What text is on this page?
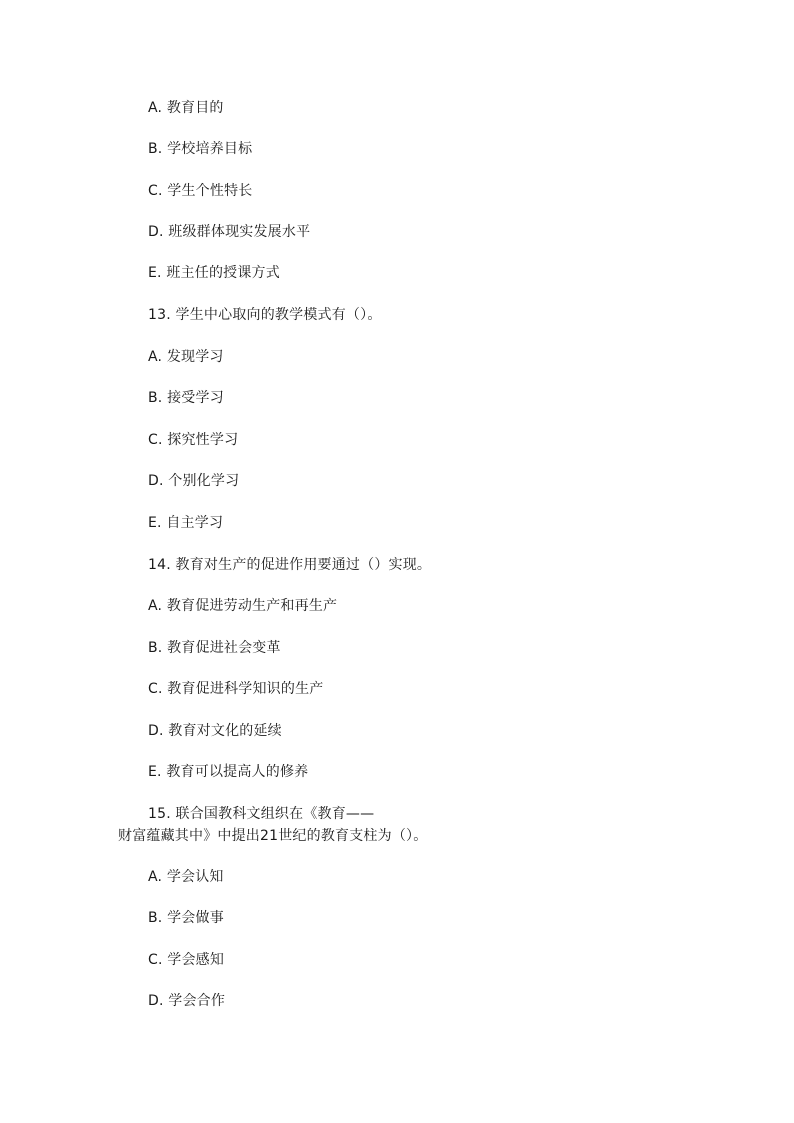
A. 教育目的
B. 学校培养目标
C. 学生个性特长
D. 班级群体现实发展水平
E. 班主任的授课方式
13. 学生中心取向的教学模式有（）。
A. 发现学习
B. 接受学习
C. 探究性学习
D. 个别化学习
E. 自主学习
14. 教育对生产的促进作用要通过（）实现。
A. 教育促进劳动生产和再生产
B. 教育促进社会变革
C. 教育促进科学知识的生产
D. 教育对文化的延续
E. 教育可以提高人的修养
15. 联合国教科文组织在《教育——
财富蕴藏其中》中提出21世纪的教育支柱为（）。
A. 学会认知
B. 学会做事
C. 学会感知
D. 学会合作
